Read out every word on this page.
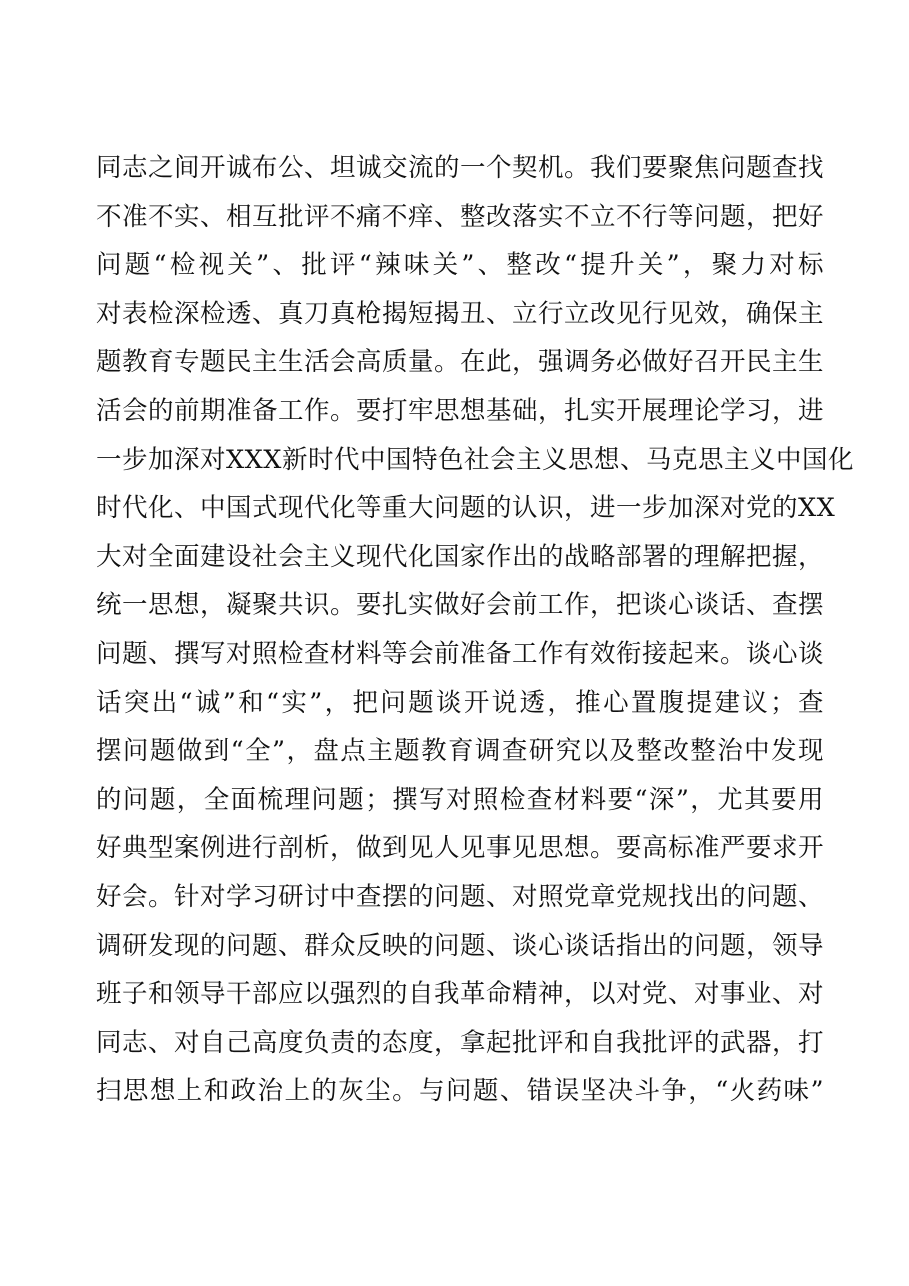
同志之间开诚布公、坦诚交流的一个契机。我们要聚焦问题查找
不准不实、相互批评不痛不痒、整改落实不立不行等问题，把好
问题“检视关”、批评“辣味关”、整改“提升关”，聚力对标
对表检深检透、真刀真枪揭短揭丑、立行立改见行见效，确保主
题教育专题民主生活会高质量。在此，强调务必做好召开民主生
活会的前期准备工作。要打牢思想基础，扎实开展理论学习，进
一步加深对XXX新时代中国特色社会主义思想、马克思主义中国化
时代化、中国式现代化等重大问题的认识，进一步加深对党的XX
大对全面建设社会主义现代化国家作出的战略部署的理解把握，
统一思想，凝聚共识。要扎实做好会前工作，把谈心谈话、查摆
问题、撰写对照检查材料等会前准备工作有效衔接起来。谈心谈
话突出“诚”和“实”，把问题谈开说透，推心置腹提建议；查
摆问题做到“全”，盘点主题教育调查研究以及整改整治中发现
的问题，全面梳理问题；撰写对照检查材料要“深”，尤其要用
好典型案例进行剖析，做到见人见事见思想。要高标准严要求开
好会。针对学习研讨中查摆的问题、对照党章党规找出的问题、
调研发现的问题、群众反映的问题、谈心谈话指出的问题，领导
班子和领导干部应以强烈的自我革命精神，以对党、对事业、对
同志、对自己高度负责的态度，拿起批评和自我批评的武器，打
扫思想上和政治上的灰尘。与问题、错误坚决斗争，“火药味”
